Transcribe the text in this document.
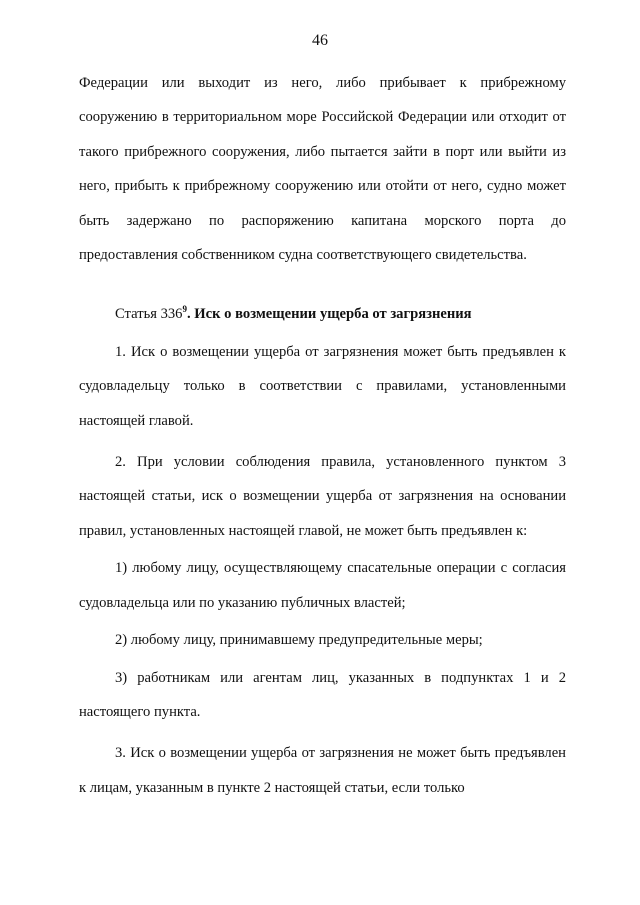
46

Федерации или выходит из него, либо прибывает к прибрежному сооружению в территориальном море Российской Федерации или отходит от такого прибрежного сооружения, либо пытается зайти в порт или выйти из него, прибыть к прибрежному сооружению или отойти от него, судно может быть задержано по распоряжению капитана морского порта до предоставления собственником судна соответствующего свидетельства.

Статья $336^9$. Иск о возмещении ущерба от загрязнения

1. Иск о возмещении ущерба от загрязнения может быть предъявлен к судовладельцу только в соответствии с правилами, установленными настоящей главой.

2. При условии соблюдения правила, установленного пунктом 3 настоящей статьи, иск о возмещении ущерба от загрязнения на основании правил, установленных настоящей главой, не может быть предъявлен к:

1) любому лицу, осуществляющему спасательные операции с согласия судовладельца или по указанию публичных властей;

2) любому лицу, принимавшему предупредительные меры;

3) работникам или агентам лиц, указанных в подпунктах 1 и 2 настоящего пункта.

3. Иск о возмещении ущерба от загрязнения не может быть предъявлен к лицам, указанным в пункте 2 настоящей статьи, если только
